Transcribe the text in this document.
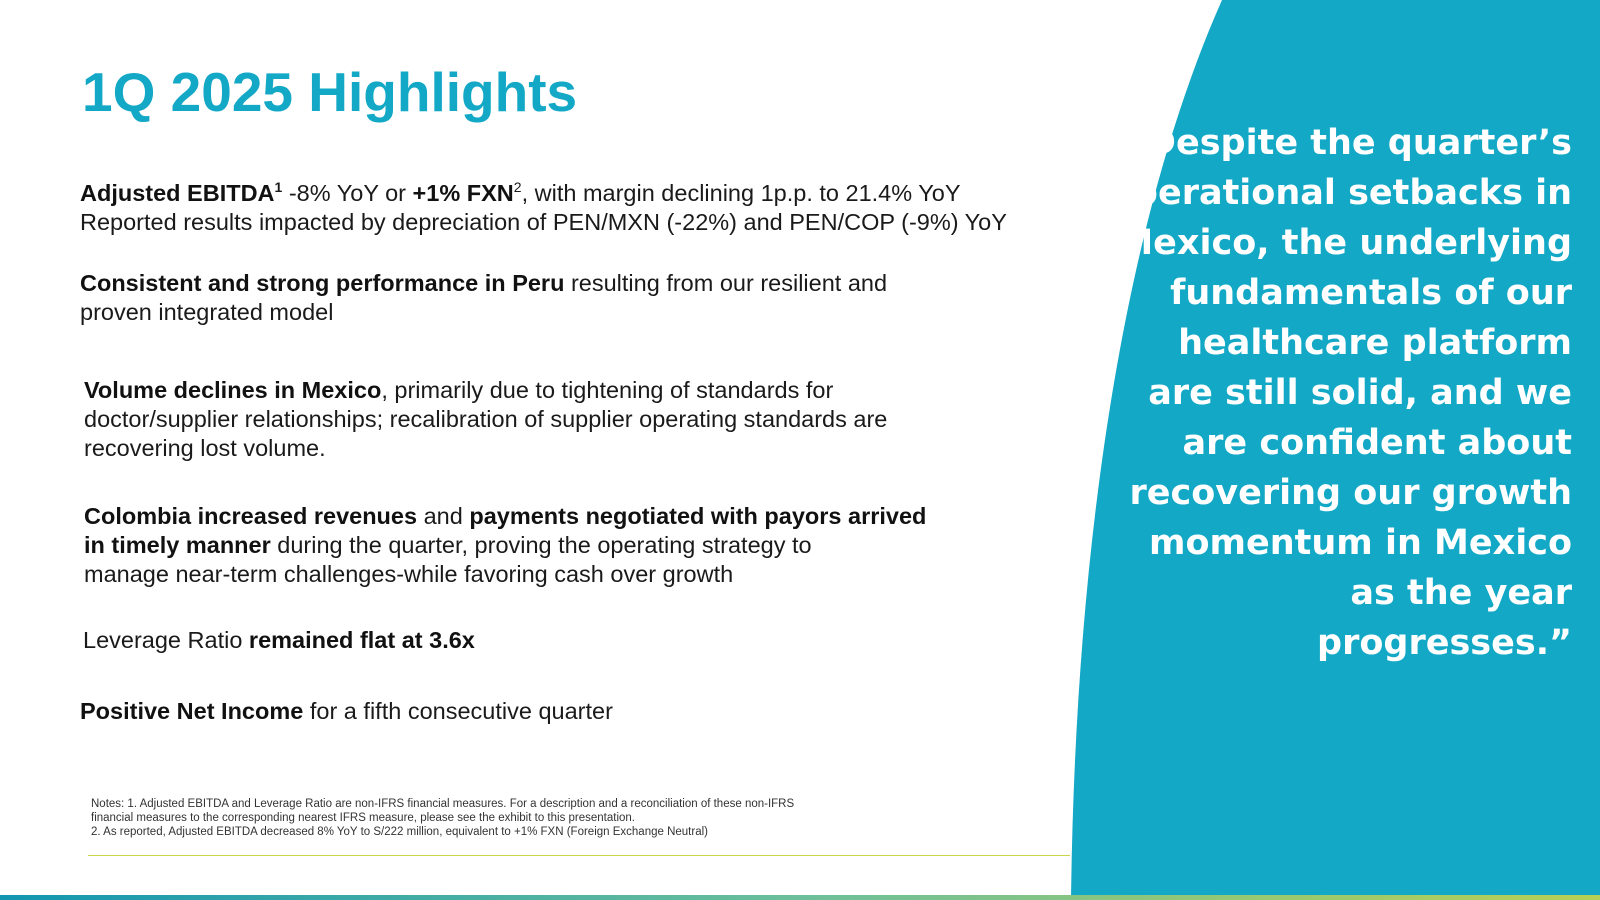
1Q 2025 Highlights
Adjusted EBITDA$^1$ -8% YoY or +1% FXN$^2$, with margin declining 1p.p. to 21.4% YoY
Reported results impacted by depreciation of PEN/MXN (-22%) and PEN/COP (-9%) YoY
Consistent and strong performance in Peru resulting from our resilient and
proven integrated model
Volume declines in Mexico, primarily due to tightening of standards for
doctor/supplier relationships; recalibration of supplier operating standards are
recovering lost volume.
Colombia increased revenues and payments negotiated with payors arrived
in timely manner during the quarter, proving the operating strategy to
manage near-term challenges-while favoring cash over growth
Leverage Ratio remained flat at 3.6x
Positive Net Income for a fifth consecutive quarter
Notes: 1. Adjusted EBITDA and Leverage Ratio are non-IFRS financial measures. For a description and a reconciliation of these non-IFRS
financial measures to the corresponding nearest IFRS measure, please see the exhibit to this presentation.
2. As reported, Adjusted EBITDA decreased 8% YoY to S/222 million, equivalent to +1% FXN (Foreign Exchange Neutral)

“Despite the quarter’s operational setbacks in Mexico, the underlying fundamentals of our healthcare platform are still solid, and we are confident about recovering our growth momentum in Mexico as the year progresses.”
